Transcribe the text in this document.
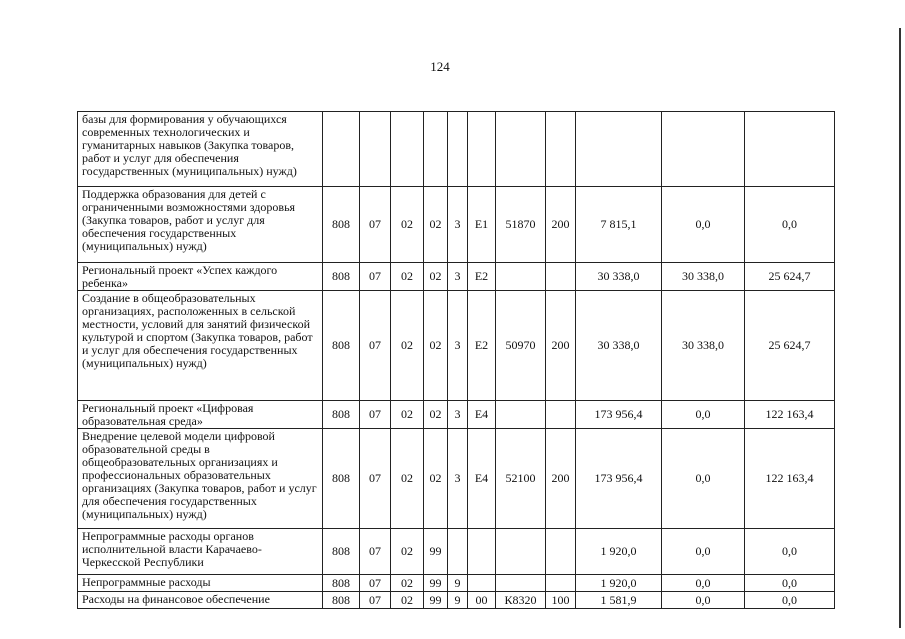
124
базы для формирования у обучающихся современных технологических и гуманитарных навыков (Закупка товаров, работ и услуг для обеспечения государственных (муниципальных) нужд)											
Поддержка образования для детей с ограниченными возможностями здоровья (Закупка товаров, работ и услуг для обеспечения государственных (муниципальных) нужд)	808	07	02	02	3	E1	51870	200	7 815,1	0,0	0,0
Региональный проект «Успех каждого ребенка»	808	07	02	02	3	E2			30 338,0	30 338,0	25 624,7
Создание в общеобразовательных организациях, расположенных в сельской местности, условий для занятий физической культурой и спортом (Закупка товаров, работ и услуг для обеспечения государственных (муниципальных) нужд)	808	07	02	02	3	E2	50970	200	30 338,0	30 338,0	25 624,7
Региональный проект «Цифровая образовательная среда»	808	07	02	02	3	E4			173 956,4	0,0	122 163,4
Внедрение целевой модели цифровой образовательной среды в общеобразовательных организациях и профессиональных образовательных организациях (Закупка товаров, работ и услуг для обеспечения государственных (муниципальных) нужд)	808	07	02	02	3	E4	52100	200	173 956,4	0,0	122 163,4
Непрограммные расходы органов исполнительной власти Карачаево-Черкесской Республики	808	07	02	99					1 920,0	0,0	0,0
Непрограммные расходы	808	07	02	99	9				1 920,0	0,0	0,0
Расходы на финансовое обеспечение	808	07	02	99	9	00	К8320	100	1 581,9	0,0	0,0
